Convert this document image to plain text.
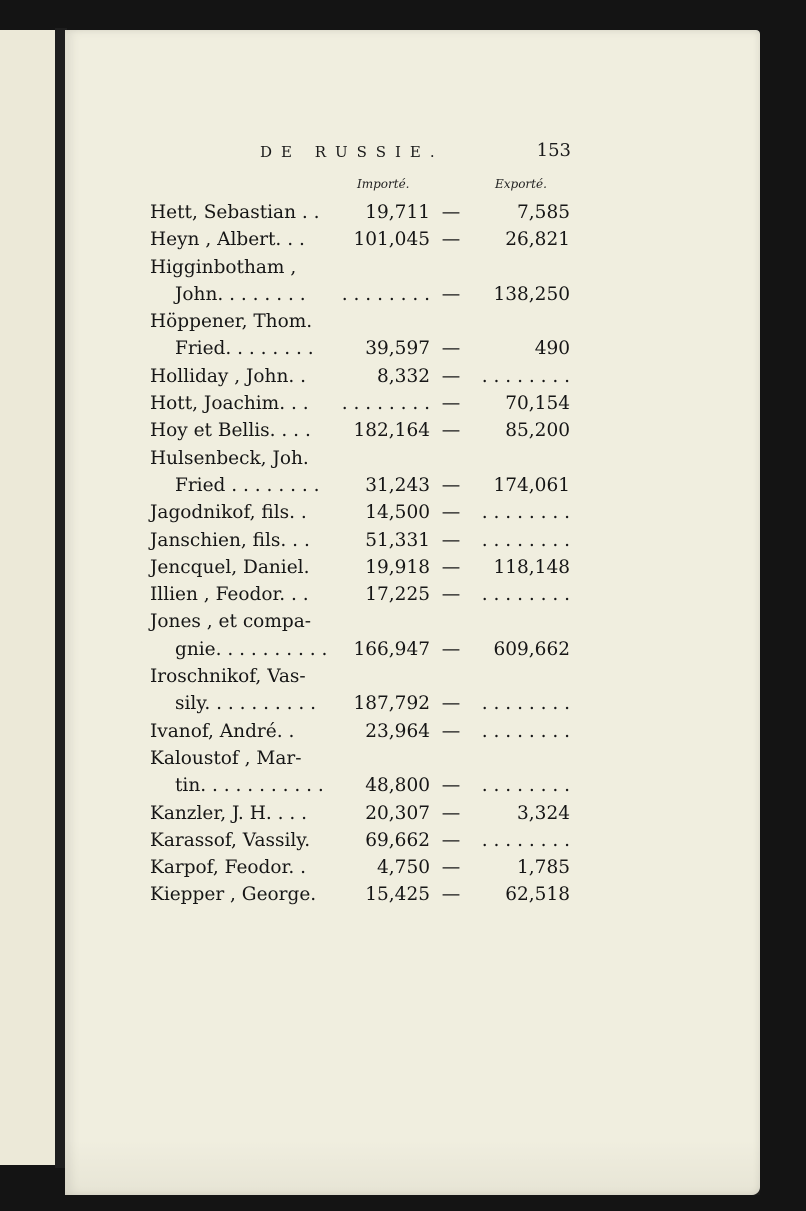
DE RUSSIE.	153
Importé.	Exporté.
Hett, Sebastian . .	19,711 —	7,585
Heyn , Albert. . .	101,045 —	26,821
Higginbotham ,
John. . . . . . . .	. . . . . . . . —	138,250
Höppener, Thom.
Fried. . . . . . . .	39,597 —	490
Holliday , John. .	8,332 —	. . . . . . . .
Hott, Joachim. . .	. . . . . . . . —	70,154
Hoy et Bellis. . . .	182,164 —	85,200
Hulsenbeck, Joh.
Fried . . . . . . . .	31,243 —	174,061
Jagodnikof, fils. .	14,500 —	. . . . . . . .
Janschien, fils. . .	51,331 —	. . . . . . . .
Jencquel, Daniel.	19,918 —	118,148
Illien , Feodor. . .	17,225 —	. . . . . . . .
Jones , et compa-
gnie. . . . . . . . . .	166,947 —	609,662
Iroschnikof, Vas-
sily. . . . . . . . . .	187,792 —	. . . . . . . .
Ivanof, André. .	23,964 —	. . . . . . . .
Kaloustof , Mar-
tin. . . . . . . . . . .	48,800 —	. . . . . . . .
Kanzler, J. H. . . .	20,307 —	3,324
Karassof, Vassily.	69,662 —	. . . . . . . .
Karpof, Feodor. .	4,750 —	1,785
Kiepper , George.	15,425 —	62,518
